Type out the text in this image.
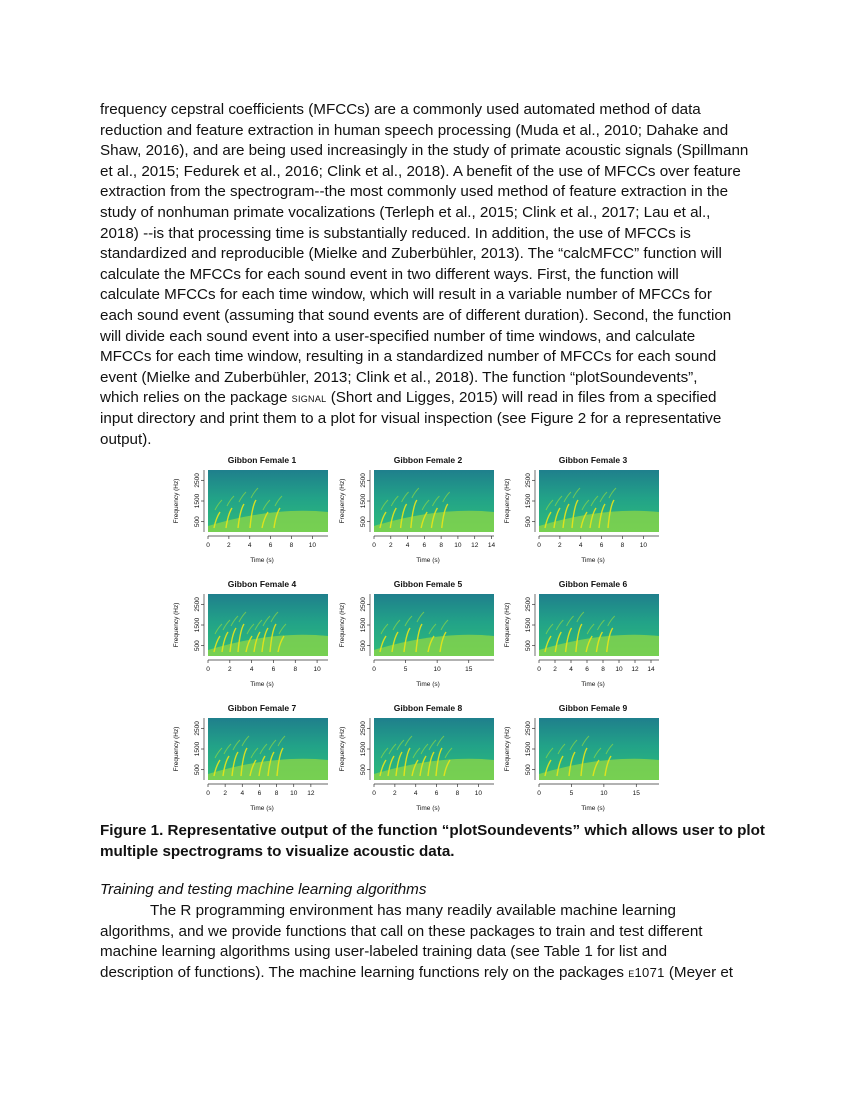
frequency cepstral coefficients (MFCCs) are a commonly used automated method of data
reduction and feature extraction in human speech processing (Muda et al., 2010; Dahake and
Shaw, 2016), and are being used increasingly in the study of primate acoustic signals (Spillmann
et al., 2015; Fedurek et al., 2016; Clink et al., 2018). A benefit of the use of MFCCs over feature
extraction from the spectrogram--the most commonly used method of feature extraction in the
study of nonhuman primate vocalizations (Terleph et al., 2015; Clink et al., 2017; Lau et al.,
2018) --is that processing time is substantially reduced. In addition, the use of MFCCs is
standardized and reproducible (Mielke and Zuberbühler, 2013). The “calcMFCC” function will
calculate the MFCCs for each sound event in two different ways. First, the function will
calculate MFCCs for each time window, which will result in a variable number of MFCCs for
each sound event (assuming that sound events are of different duration). Second, the function
will divide each sound event into a user-specified number of time windows, and calculate
MFCCs for each time window, resulting in a standardized number of MFCCs for each sound
event (Mielke and Zuberbühler, 2013; Clink et al., 2018). The function “plotSoundevents”,
which relies on the package signal (Short and Ligges, 2015) will read in files from a specified
input directory and print them to a plot for visual inspection (see Figure 2 for a representative
output).
Gibbon Female 1
0	2	4	6	8 10
500
1500
2500
Frequency (Hz)
Time (s)
Gibbon Female 2
0 2 4 6 8 10 12 14
500
1500
2500
Frequency (Hz)
Time (s)
Gibbon Female 3
0	2	4	6	8 10
500
1500
2500
Frequency (Hz)
Time (s)
Gibbon Female 4
0	2	4	6	8	10
500
1500
2500
Frequency (Hz)
Time (s)
Gibbon Female 5
0	5	10	15
500
1500
2500
Frequency (Hz)
Time (s)
Gibbon Female 6
0 2 4 6 8 10 12 14
500
1500
2500
Frequency (Hz)
Time (s)
Gibbon Female 7
0 2 4 6 8 10 12
500
1500
2500
Frequency (Hz)
Time (s)
Gibbon Female 8
0	2	4	6	8 10
500
1500
2500
Frequency (Hz)
Time (s)
Gibbon Female 9
0	5	10	15
500
1500
2500
Frequency (Hz)
Time (s)

Figure 1. Representative output of the function “plotSoundevents” which allows user to plot
multiple spectrograms to visualize acoustic data.

Training and testing machine learning algorithms

The R programming environment has many readily available machine learning
algorithms, and we provide functions that call on these packages to train and test different
machine learning algorithms using user-labeled training data (see Table 1 for list and
description of functions). The machine learning functions rely on the packages e1071 (Meyer et
